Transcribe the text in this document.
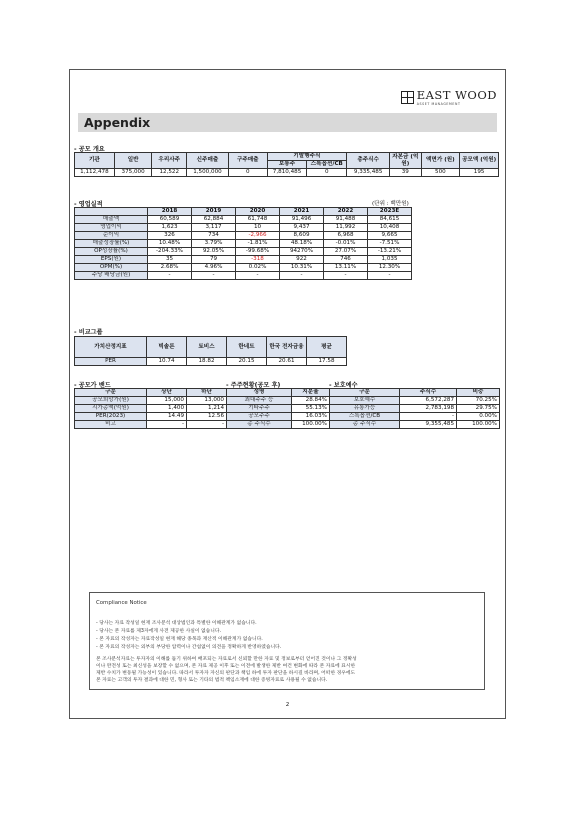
EAST WOOD
ASSET MANAGEMENT
Appendix
- 공모 개요
기관	일반	우리사주	신주매출	구주매출	기발행주식		총주식수	자본금 (억원)	액면가 (원)	공모액 (억원)
					보통주	스톡옵션/CB				
1,112,478	375,000	12,522	1,500,000	0	7,810,485	0	9,335,485	39	500	195
- 영업실적	(단위 : 백만원)
	2018	2019	2020	2021	2022	2023E
매출액	60,589	62,884	61,748	91,496	91,488	84,615
영업이익	1,623	3,117	10	9,437	11,992	10,408
순이익	326	734	-2,966	8,609	6,968	9,665
매출성장률(%)	10.48%	3.79%	-1.81%	48.18%	-0.01%	-7.51%
OP성장률(%)	-204.33%	92.05%	-99.68%	94270%	27.07%	-13.21%
EPS(원)	35	79	-318	922	746	1,035
OPM(%)	2.68%	4.96%	0.02%	10.31%	13.11%	12.30%
주당 배당금(원)	-	-	-	-	-	-
- 비교그룹
가치산정지표	빅솔론	토비스	한네트	한국 전자금융	평균
PER	10.74	18.82	20.15	20.61	17.58
- 공모가 밴드
구분	상단	하단
공모희망가(원)	15,000	13,000
시가총액(억원)	1,400	1,214
PER(2023)	14.49	12.56
비고	-	-
- 주주현황(공모 후)
성명	지분율
최대주주 등	28.84%
기타주주	55.13%
공모주주	16.03%
총 주식수	100.00%
- 보호예수
구분	주식수	비중
보호예수	6,572,287	70.25%
유통가능	2,783,198	29.75%
스톡옵션/CB	-	0.00%
총 주식수	9,355,485	100.00%
Compliance Notice
- 당사는 자료 작성일 현재 조사분석 대상법인과 특별한 이해관계가 없습니다.
- 당사는 본 자료를 제3자에게 사전 제공한 사실이 없습니다.
- 본 자료의 작성자는 자료작성일 현재 해당 종목과 재산적 이해관계가 없습니다.
- 본 자료의 작성자는 외부의 부당한 압력이나 간섭없이 의견을 정확하게 반영하였습니다.
본 조사분석자료는 투자자의 이해를 돕기 위하여 배포되는 자료로서 신뢰할 만한 자료 및 정보로부터 얻어진 것이나 그 정확성
이나 완전성 또는 최신성을 보장할 수 없으며, 본 자료 제공 이후 또는 이전에 발생한 제반 여건 변화에 따라 본 자료에 표시한
제반 수치가 변동될 가능성이 있습니다. 따라서 투자자 자신의 판단과 책임 하에 투자 판단을 하시길 바라며, 어떠한 경우에도
본 자료는 고객의 투자 결과에 대한 민, 형사 또는 기타의 법적 책임소재에 대한 증빙자료로 사용될 수 없습니다.
2
